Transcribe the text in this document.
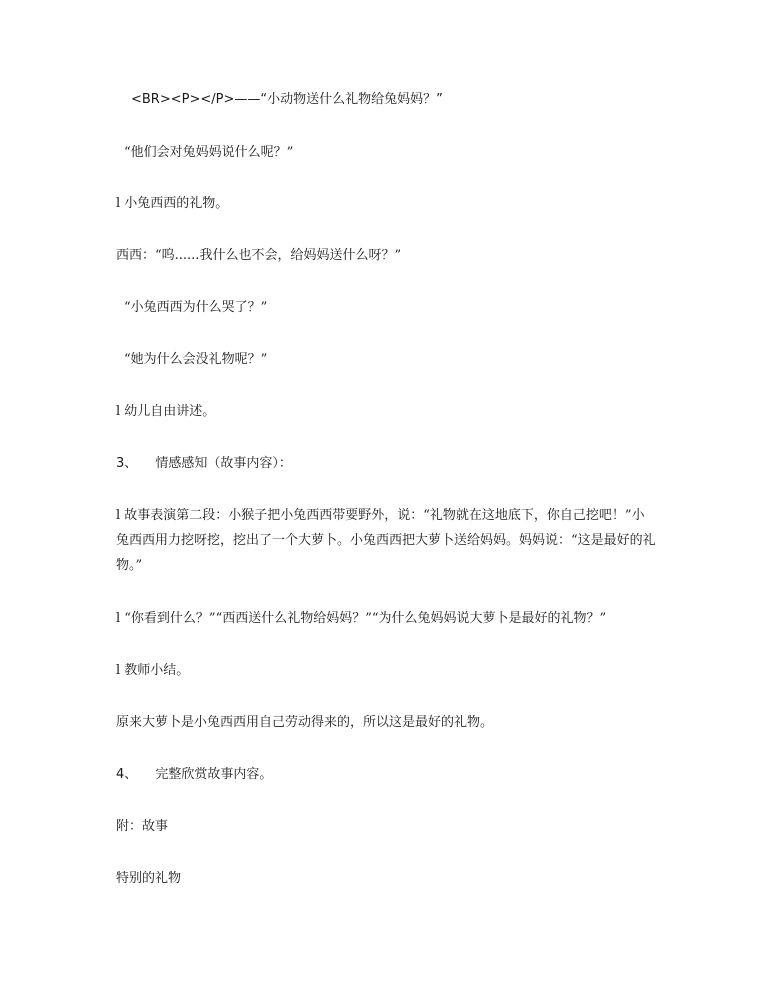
<BR><P></P>——“小动物送什么礼物给兔妈妈？”
“他们会对兔妈妈说什么呢？”
l 小兔西西的礼物。
西西：“呜......我什么也不会，给妈妈送什么呀？”
“小兔西西为什么哭了？”
“她为什么会没礼物呢？”
l 幼儿自由讲述。
3、 情感感知（故事内容）：
l 故事表演第二段：小猴子把小兔西西带要野外，说：“礼物就在这地底下，你自己挖吧！”小兔西西用力挖呀挖，挖出了一个大萝卜。小兔西西把大萝卜送给妈妈。妈妈说：“这是最好的礼物。”
l “你看到什么？”“西西送什么礼物给妈妈？”“为什么兔妈妈说大萝卜是最好的礼物？”
l 教师小结。
原来大萝卜是小兔西西用自己劳动得来的，所以这是最好的礼物。
4、 完整欣赏故事内容。
附：故事
特别的礼物
